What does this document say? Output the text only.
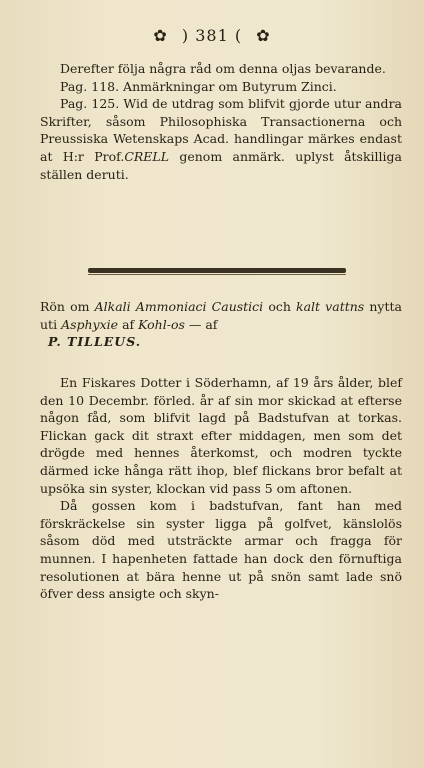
✿ ) 381 ( ✿

Derefter följa några råd om denna oljas bevarande.

Pag. 118. Anmärkningar om Butyrum Zinci.

Pag. 125. Wid de utdrag som blifvit gjorde utur andra Skrifter, såsom Philosophiska Transactionerna och Preussiska Wetenskaps Acad. handlingar märkes endast at H:r Prof.CRELL genom anmärk. uplyst åtskilliga ställen deruti.

Rön om Alkali Ammoniaci Caustici och kalt vattns nytta uti Asphyxie af Kohl-os — af

P. TILLEUS.

En Fiskares Dotter i Söderhamn, af 19 års ålder, blef den 10 Decembr. förled. år af sin mor skickad at efterse någon fåd, som blifvit lagd på Badstufvan at torkas. Flickan gack dit straxt efter middagen, men som det drögde med hennes återkomst, och modren tyckte därmed icke hånga rätt ihop, blef flickans bror befalt at upsöka sin syster, klockan vid pass 5 om aftonen.

Då gossen kom i badstufvan, fant han med förskräckelse sin syster ligga på golfvet, känslolös såsom död med utsträckte armar och fragga för munnen. I hapenheten fattade han dock den förnuftiga resolutionen at bära henne ut på snön samt lade snö öfver dess ansigte och skyn-
